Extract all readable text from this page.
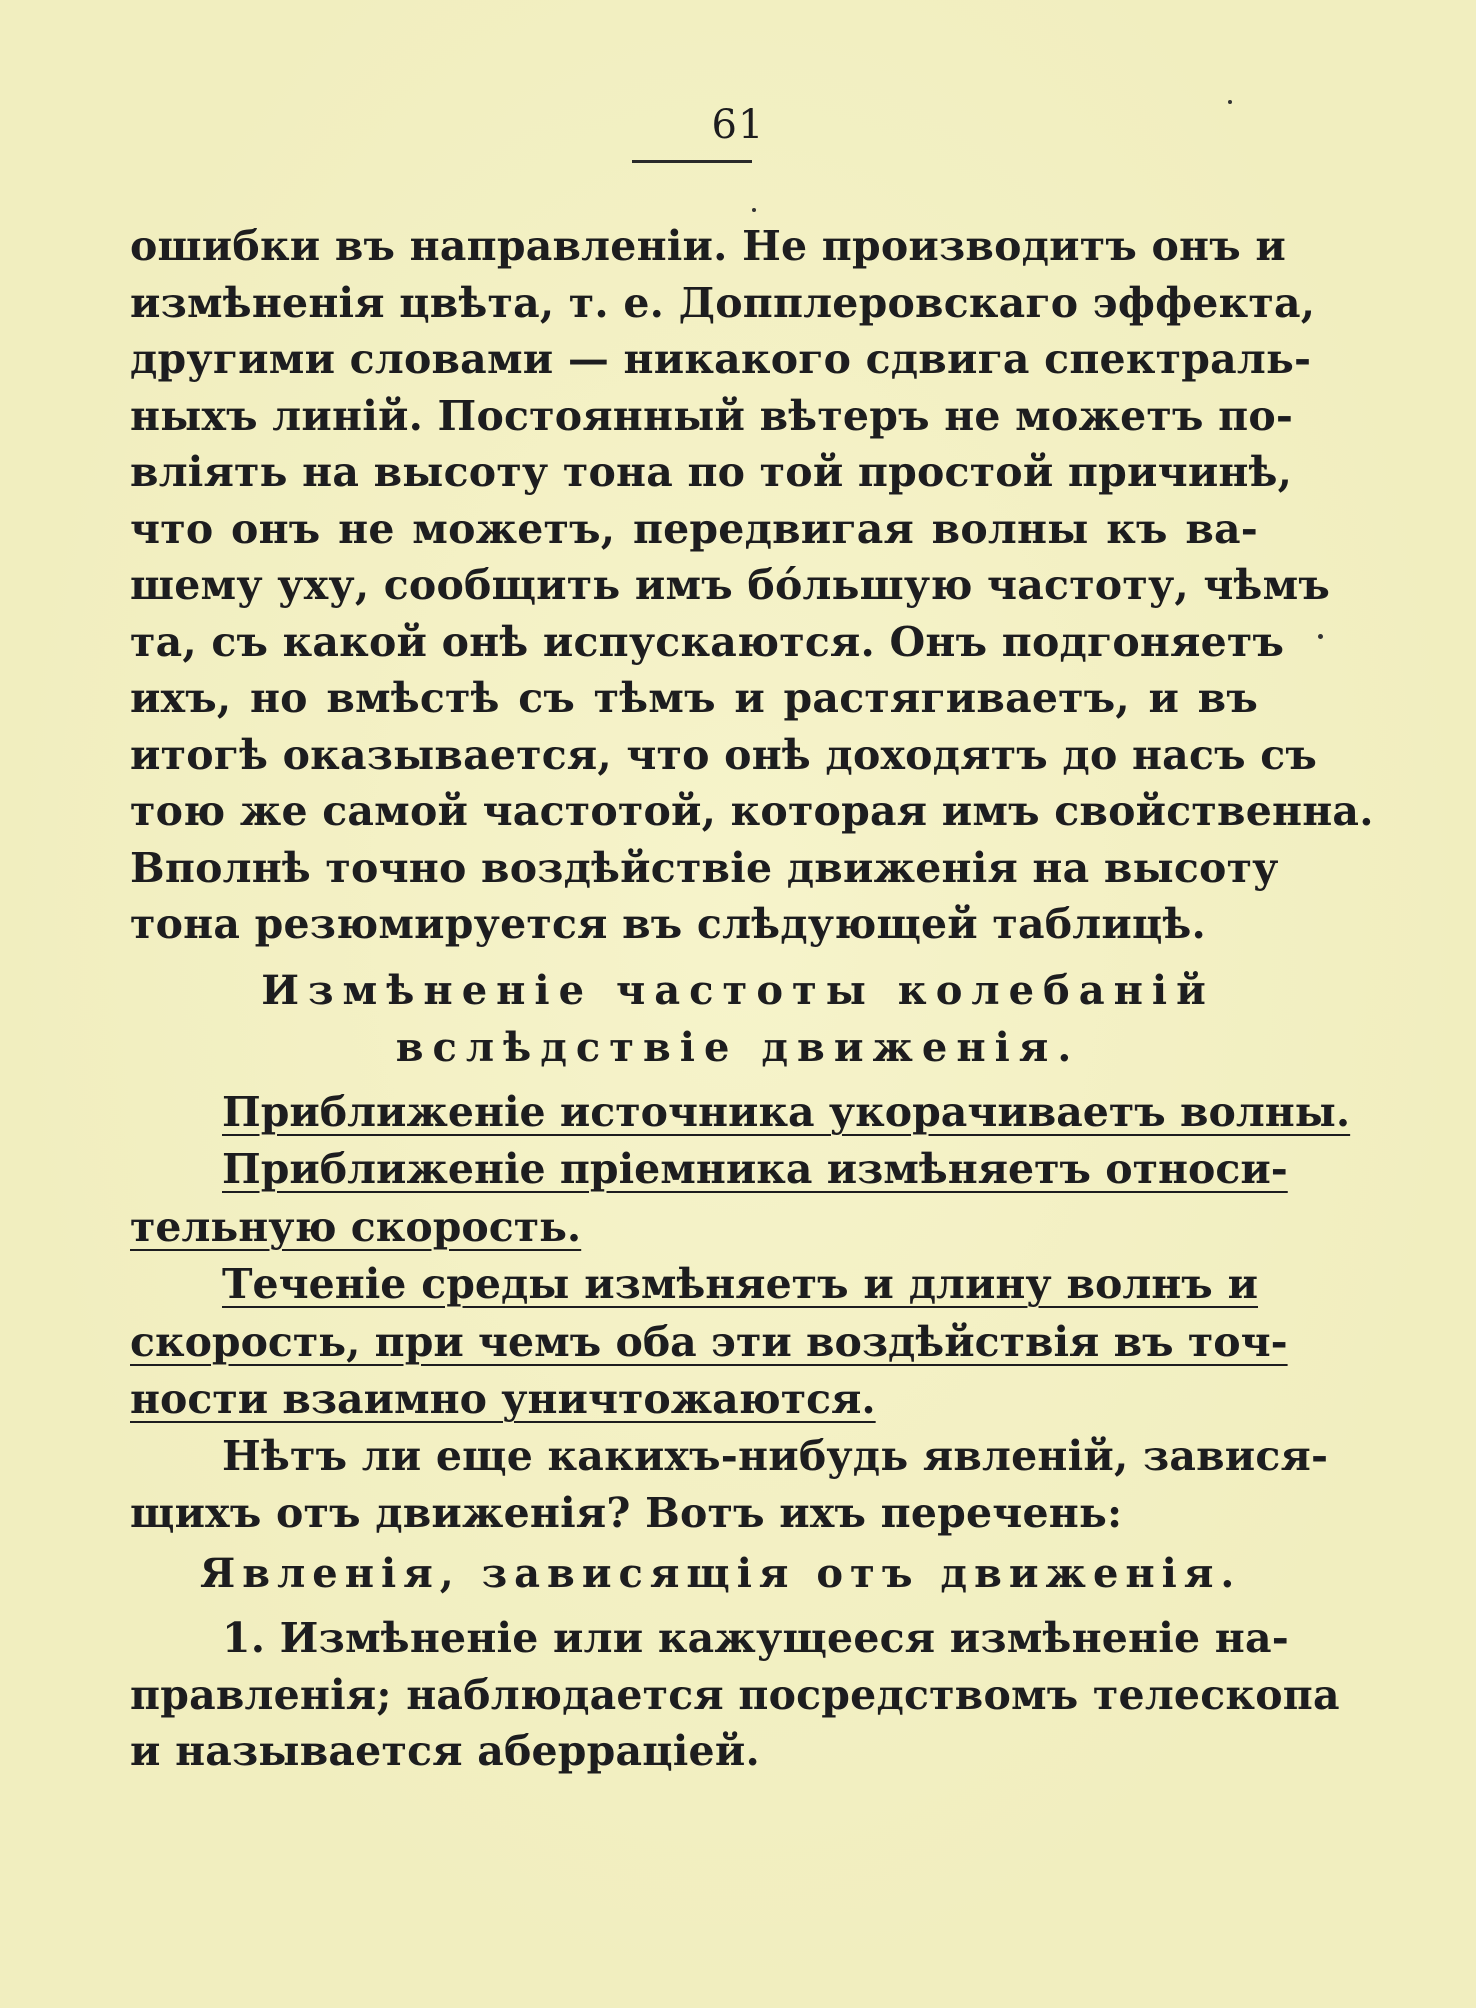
61
ошибки въ направленіи. Не производитъ онъ и
измѣненія цвѣта, т. е. Допплеровскаго эффекта,
другими словами — никакого сдвига спектраль-
ныхъ линій. Постоянный вѣтеръ не можетъ по-
вліять на высоту тона по той простой причинѣ,
что онъ не можетъ, передвигая волны къ ва-
шему уху, сообщить имъ бóльшую частоту, чѣмъ
та, съ какой онѣ испускаются. Онъ подгоняетъ
ихъ, но вмѣстѣ съ тѣмъ и растягиваетъ, и въ
итогѣ оказывается, что онѣ доходятъ до насъ съ
тою же самой частотой, которая имъ свойственна.
Вполнѣ точно воздѣйствіе движенія на высоту
тона резюмируется въ слѣдующей таблицѣ.
Измѣненіе частоты колебаній
вслѣдствіе движенія.
Приближеніе источника укорачиваетъ волны.
Приближеніе пріемника измѣняетъ относи-
тельную скорость.
Теченіе среды измѣняетъ и длину волнъ и
скорость, при чемъ оба эти воздѣйствія въ точ-
ности взаимно уничтожаются.
Нѣтъ ли еще какихъ-нибудь явленій, завися-
щихъ отъ движенія? Вотъ ихъ перечень:
Явленія, зависящія отъ движенія.
1. Измѣненіе или кажущееся измѣненіе на-
правленія; наблюдается посредствомъ телескопа
и называется аберраціей.
